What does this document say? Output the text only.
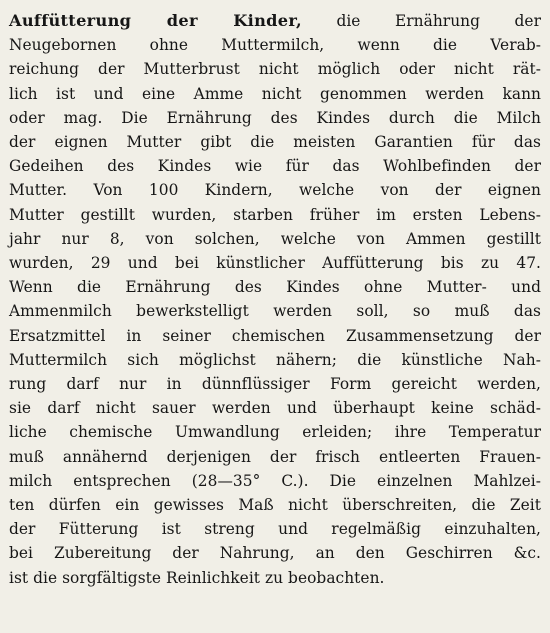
Auffütterung der Kinder, die Ernährung der
Neugebornen ohne Muttermilch, wenn die Verab-
reichung der Mutterbrust nicht möglich oder nicht rät-
lich ist und eine Amme nicht genommen werden kann
oder mag. Die Ernährung des Kindes durch die Milch
der eignen Mutter gibt die meisten Garantien für das
Gedeihen des Kindes wie für das Wohlbefinden der
Mutter. Von 100 Kindern, welche von der eignen
Mutter gestillt wurden, starben früher im ersten Lebens-
jahr nur 8, von solchen, welche von Ammen gestillt
wurden, 29 und bei künstlicher Auffütterung bis zu 47.
Wenn die Ernährung des Kindes ohne Mutter- und
Ammenmilch bewerkstelligt werden soll, so muß das
Ersatzmittel in seiner chemischen Zusammensetzung der
Muttermilch sich möglichst nähern; die künstliche Nah-
rung darf nur in dünnflüssiger Form gereicht werden,
sie darf nicht sauer werden und überhaupt keine schäd-
liche chemische Umwandlung erleiden; ihre Temperatur
muß annähernd derjenigen der frisch entleerten Frauen-
milch entsprechen (28—35° C.). Die einzelnen Mahlzei-
ten dürfen ein gewisses Maß nicht überschreiten, die Zeit
der Fütterung ist streng und regelmäßig einzuhalten,
bei Zubereitung der Nahrung, an den Geschirren &c.
ist die sorgfältigste Reinlichkeit zu beobachten.
